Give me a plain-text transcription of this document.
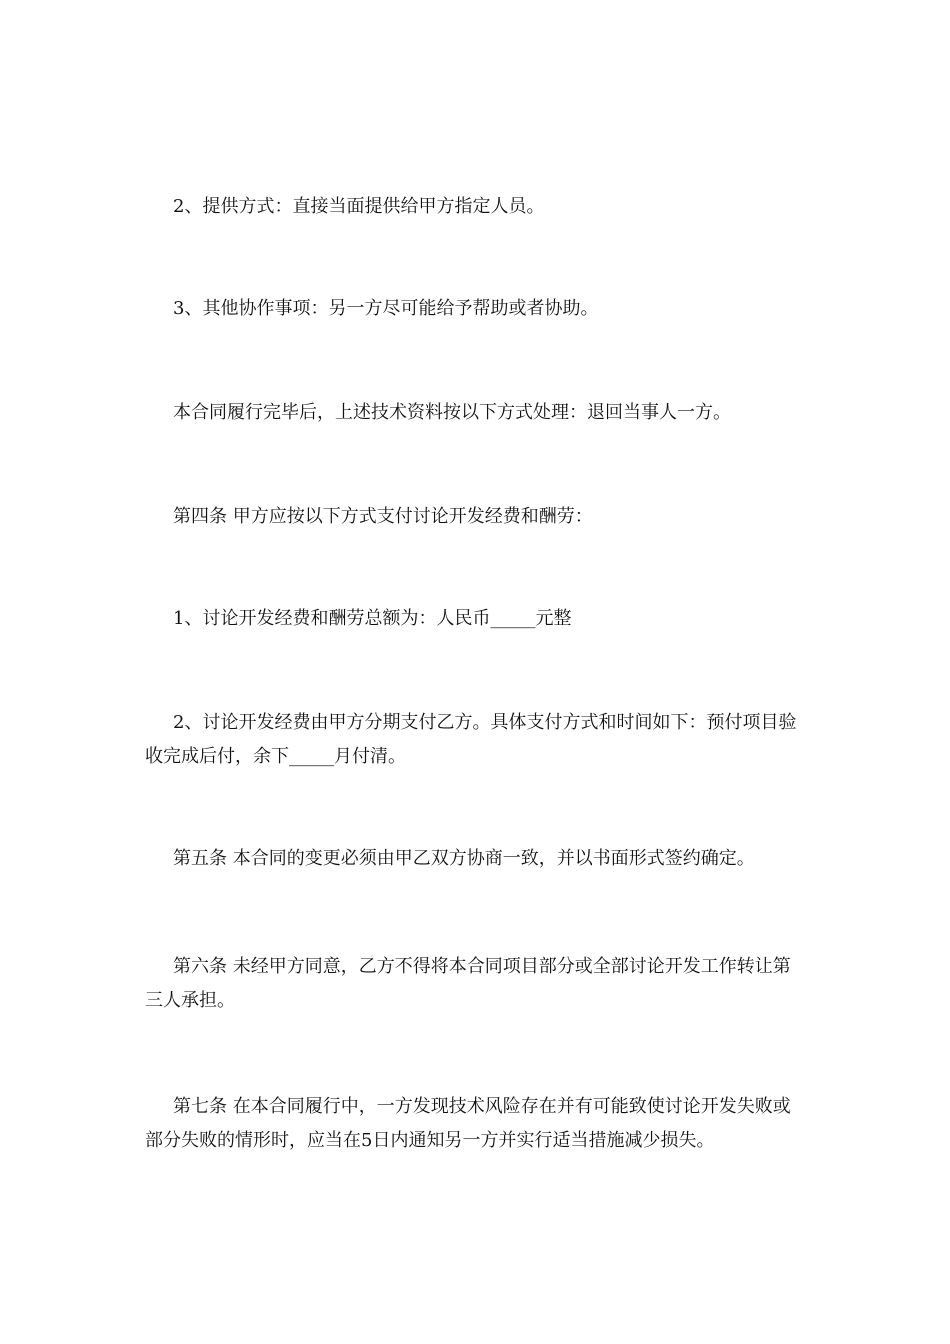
2、提供方式：直接当面提供给甲方指定人员。

3、其他协作事项：另一方尽可能给予帮助或者协助。

本合同履行完毕后，上述技术资料按以下方式处理：退回当事人一方。

第四条 甲方应按以下方式支付讨论开发经费和酬劳：

1、讨论开发经费和酬劳总额为：人民币_____元整

2、讨论开发经费由甲方分期支付乙方。具体支付方式和时间如下：预付项目验收完成后付，余下_____月付清。

第五条 本合同的变更必须由甲乙双方协商一致，并以书面形式签约确定。

第六条 未经甲方同意，乙方不得将本合同项目部分或全部讨论开发工作转让第三人承担。

第七条 在本合同履行中，一方发现技术风险存在并有可能致使讨论开发失败或部分失败的情形时，应当在5日内通知另一方并实行适当措施减少损失。
